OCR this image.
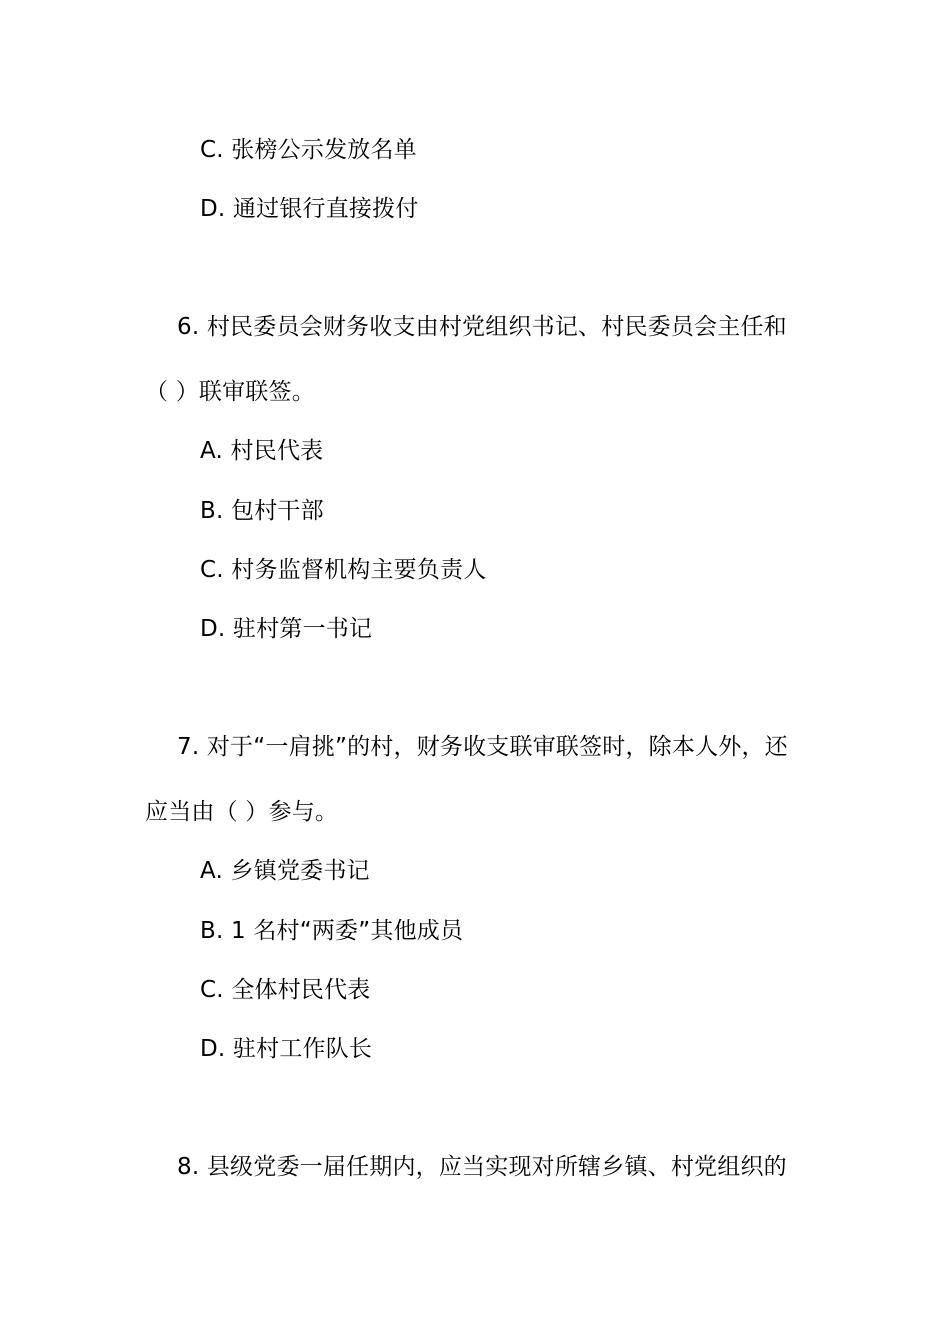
C. 张榜公示发放名单
D. 通过银行直接拨付
6. 村民委员会财务收支由村党组织书记、村民委员会主任和
（ ）联审联签。
A. 村民代表
B. 包村干部
C. 村务监督机构主要负责人
D. 驻村第一书记
7. 对于“一肩挑”的村，财务收支联审联签时，除本人外，还
应当由（ ）参与。
A. 乡镇党委书记
B. 1 名村“两委”其他成员
C. 全体村民代表
D. 驻村工作队长
8. 县级党委一届任期内，应当实现对所辖乡镇、村党组织的
